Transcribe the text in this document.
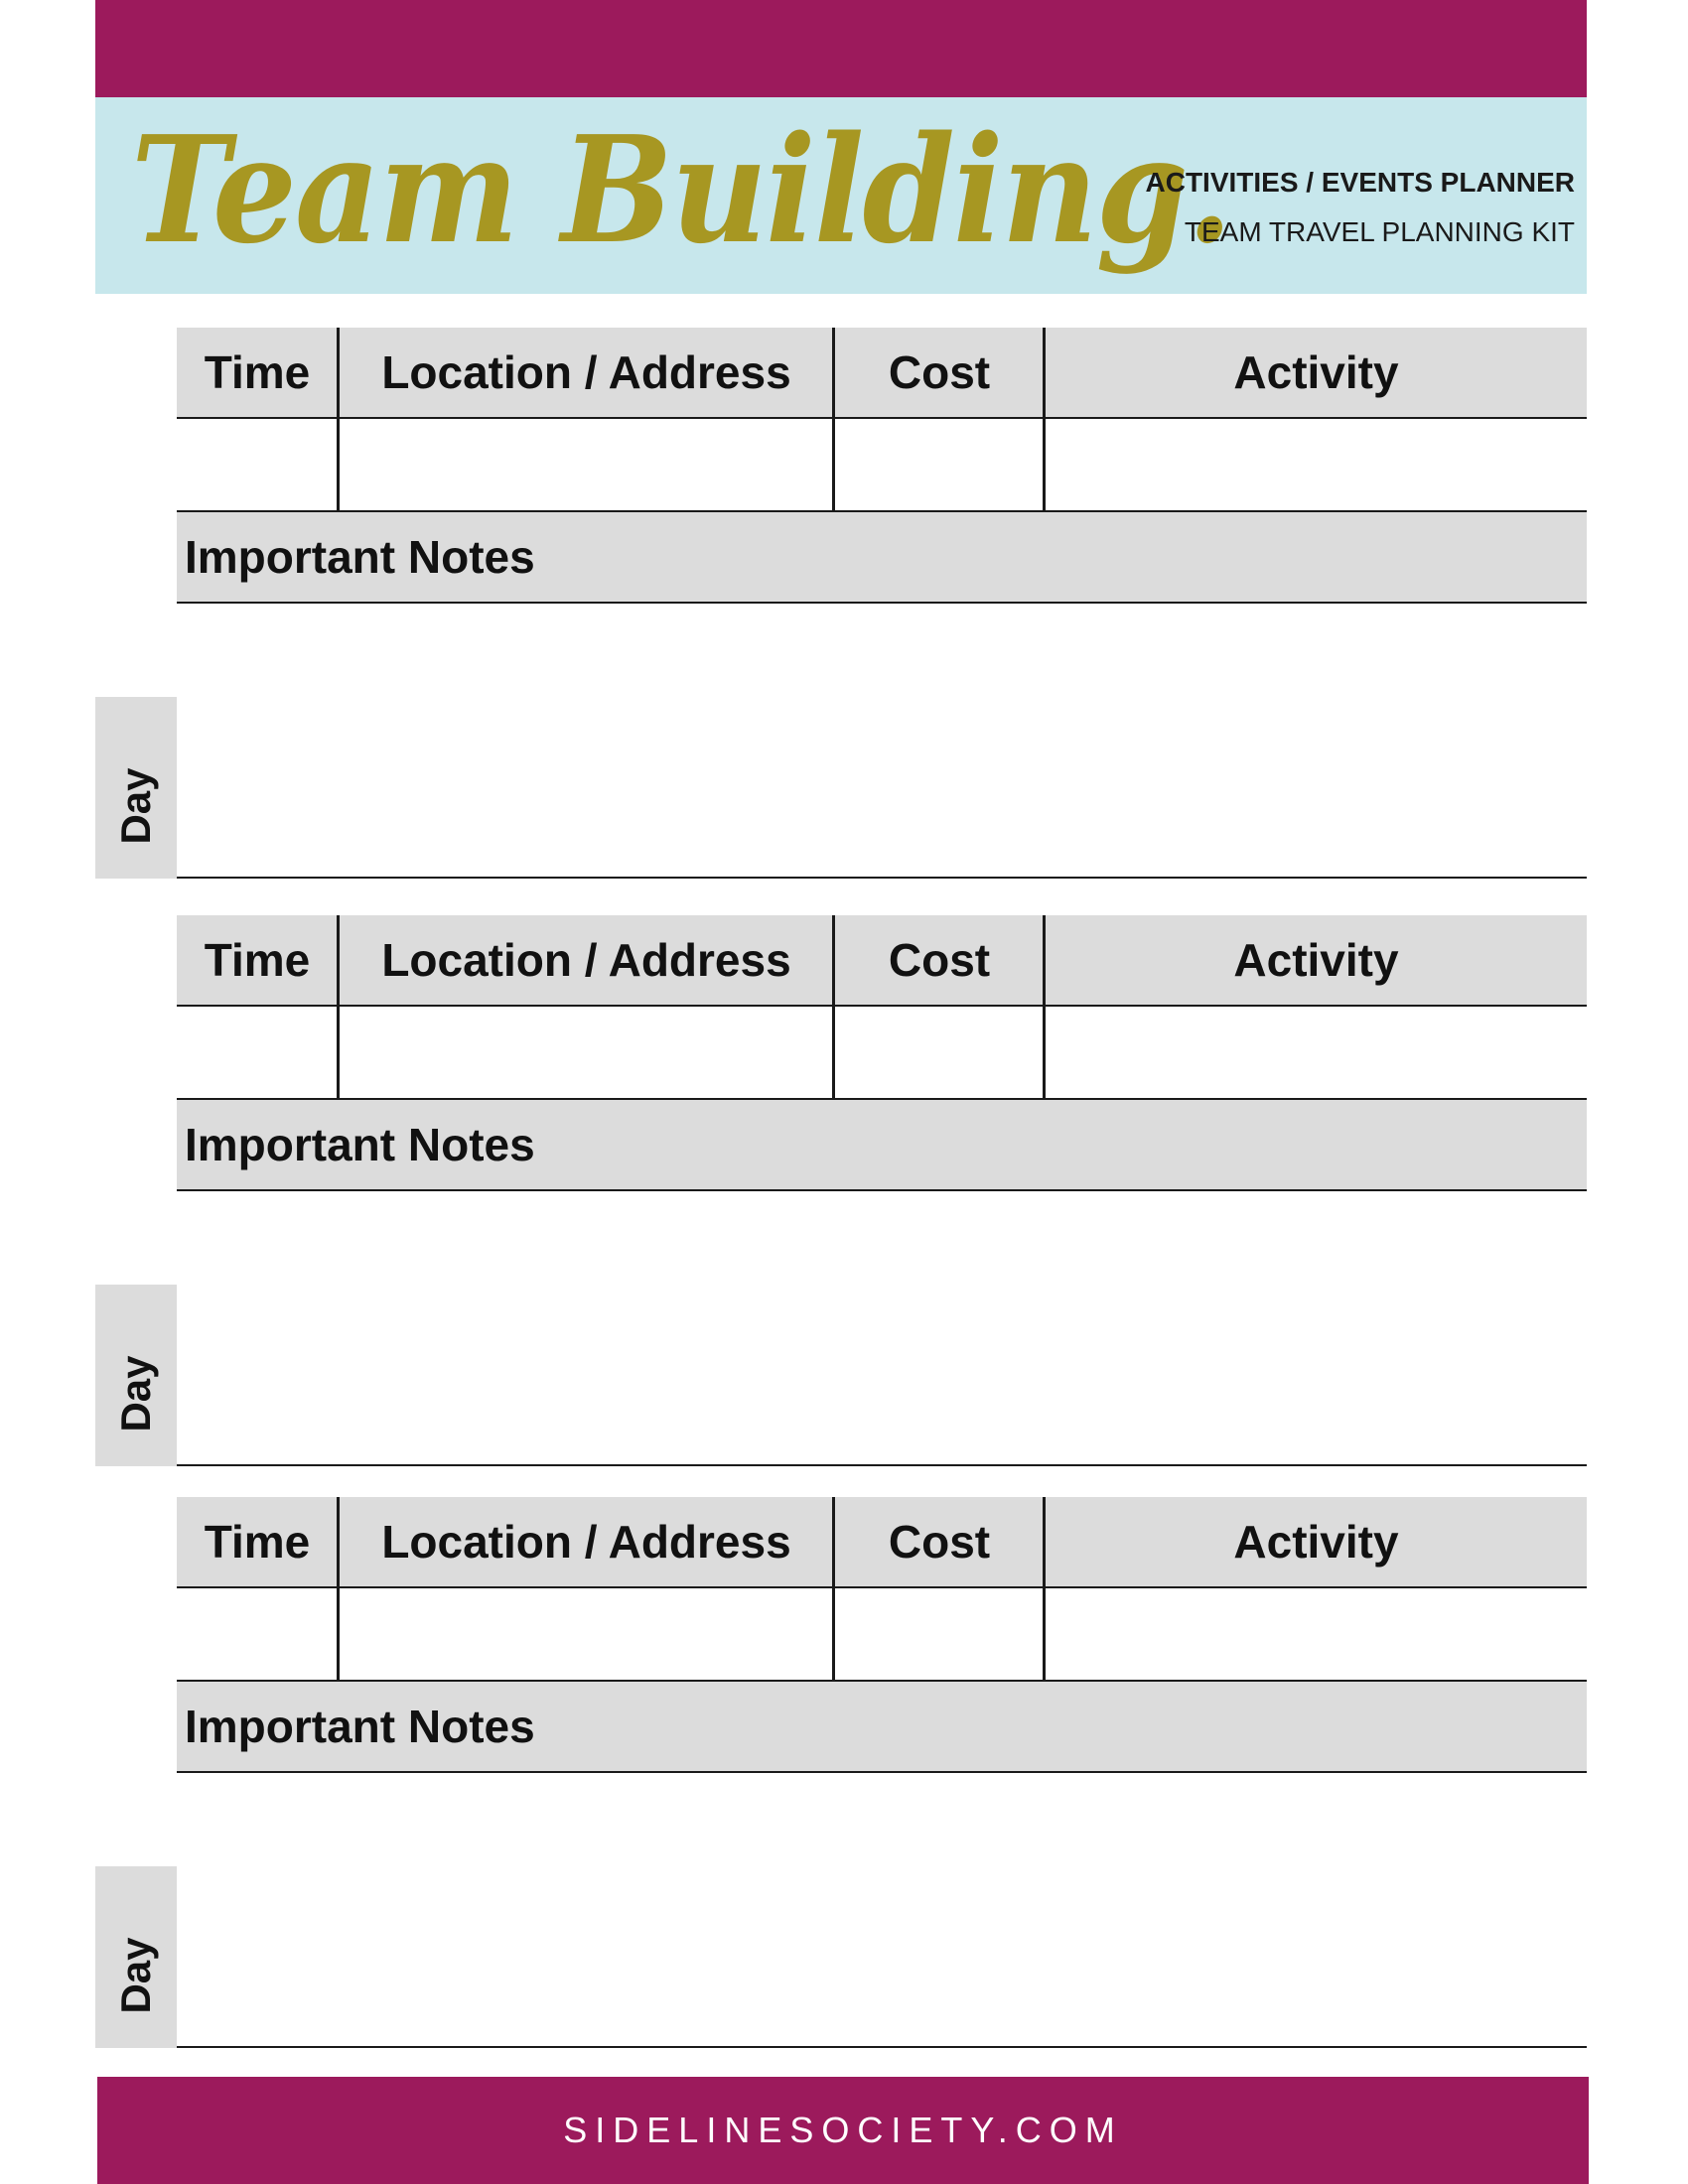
Team Building.
ACTIVITIES / EVENTS PLANNER
TEAM TRAVEL PLANNING KIT
Time	Location / Address	Cost	Activity
Important Notes
Day
Time	Location / Address	Cost	Activity
Important Notes
Day
Time	Location / Address	Cost	Activity
Important Notes
Day
SIDELINESOCIETY.COM
